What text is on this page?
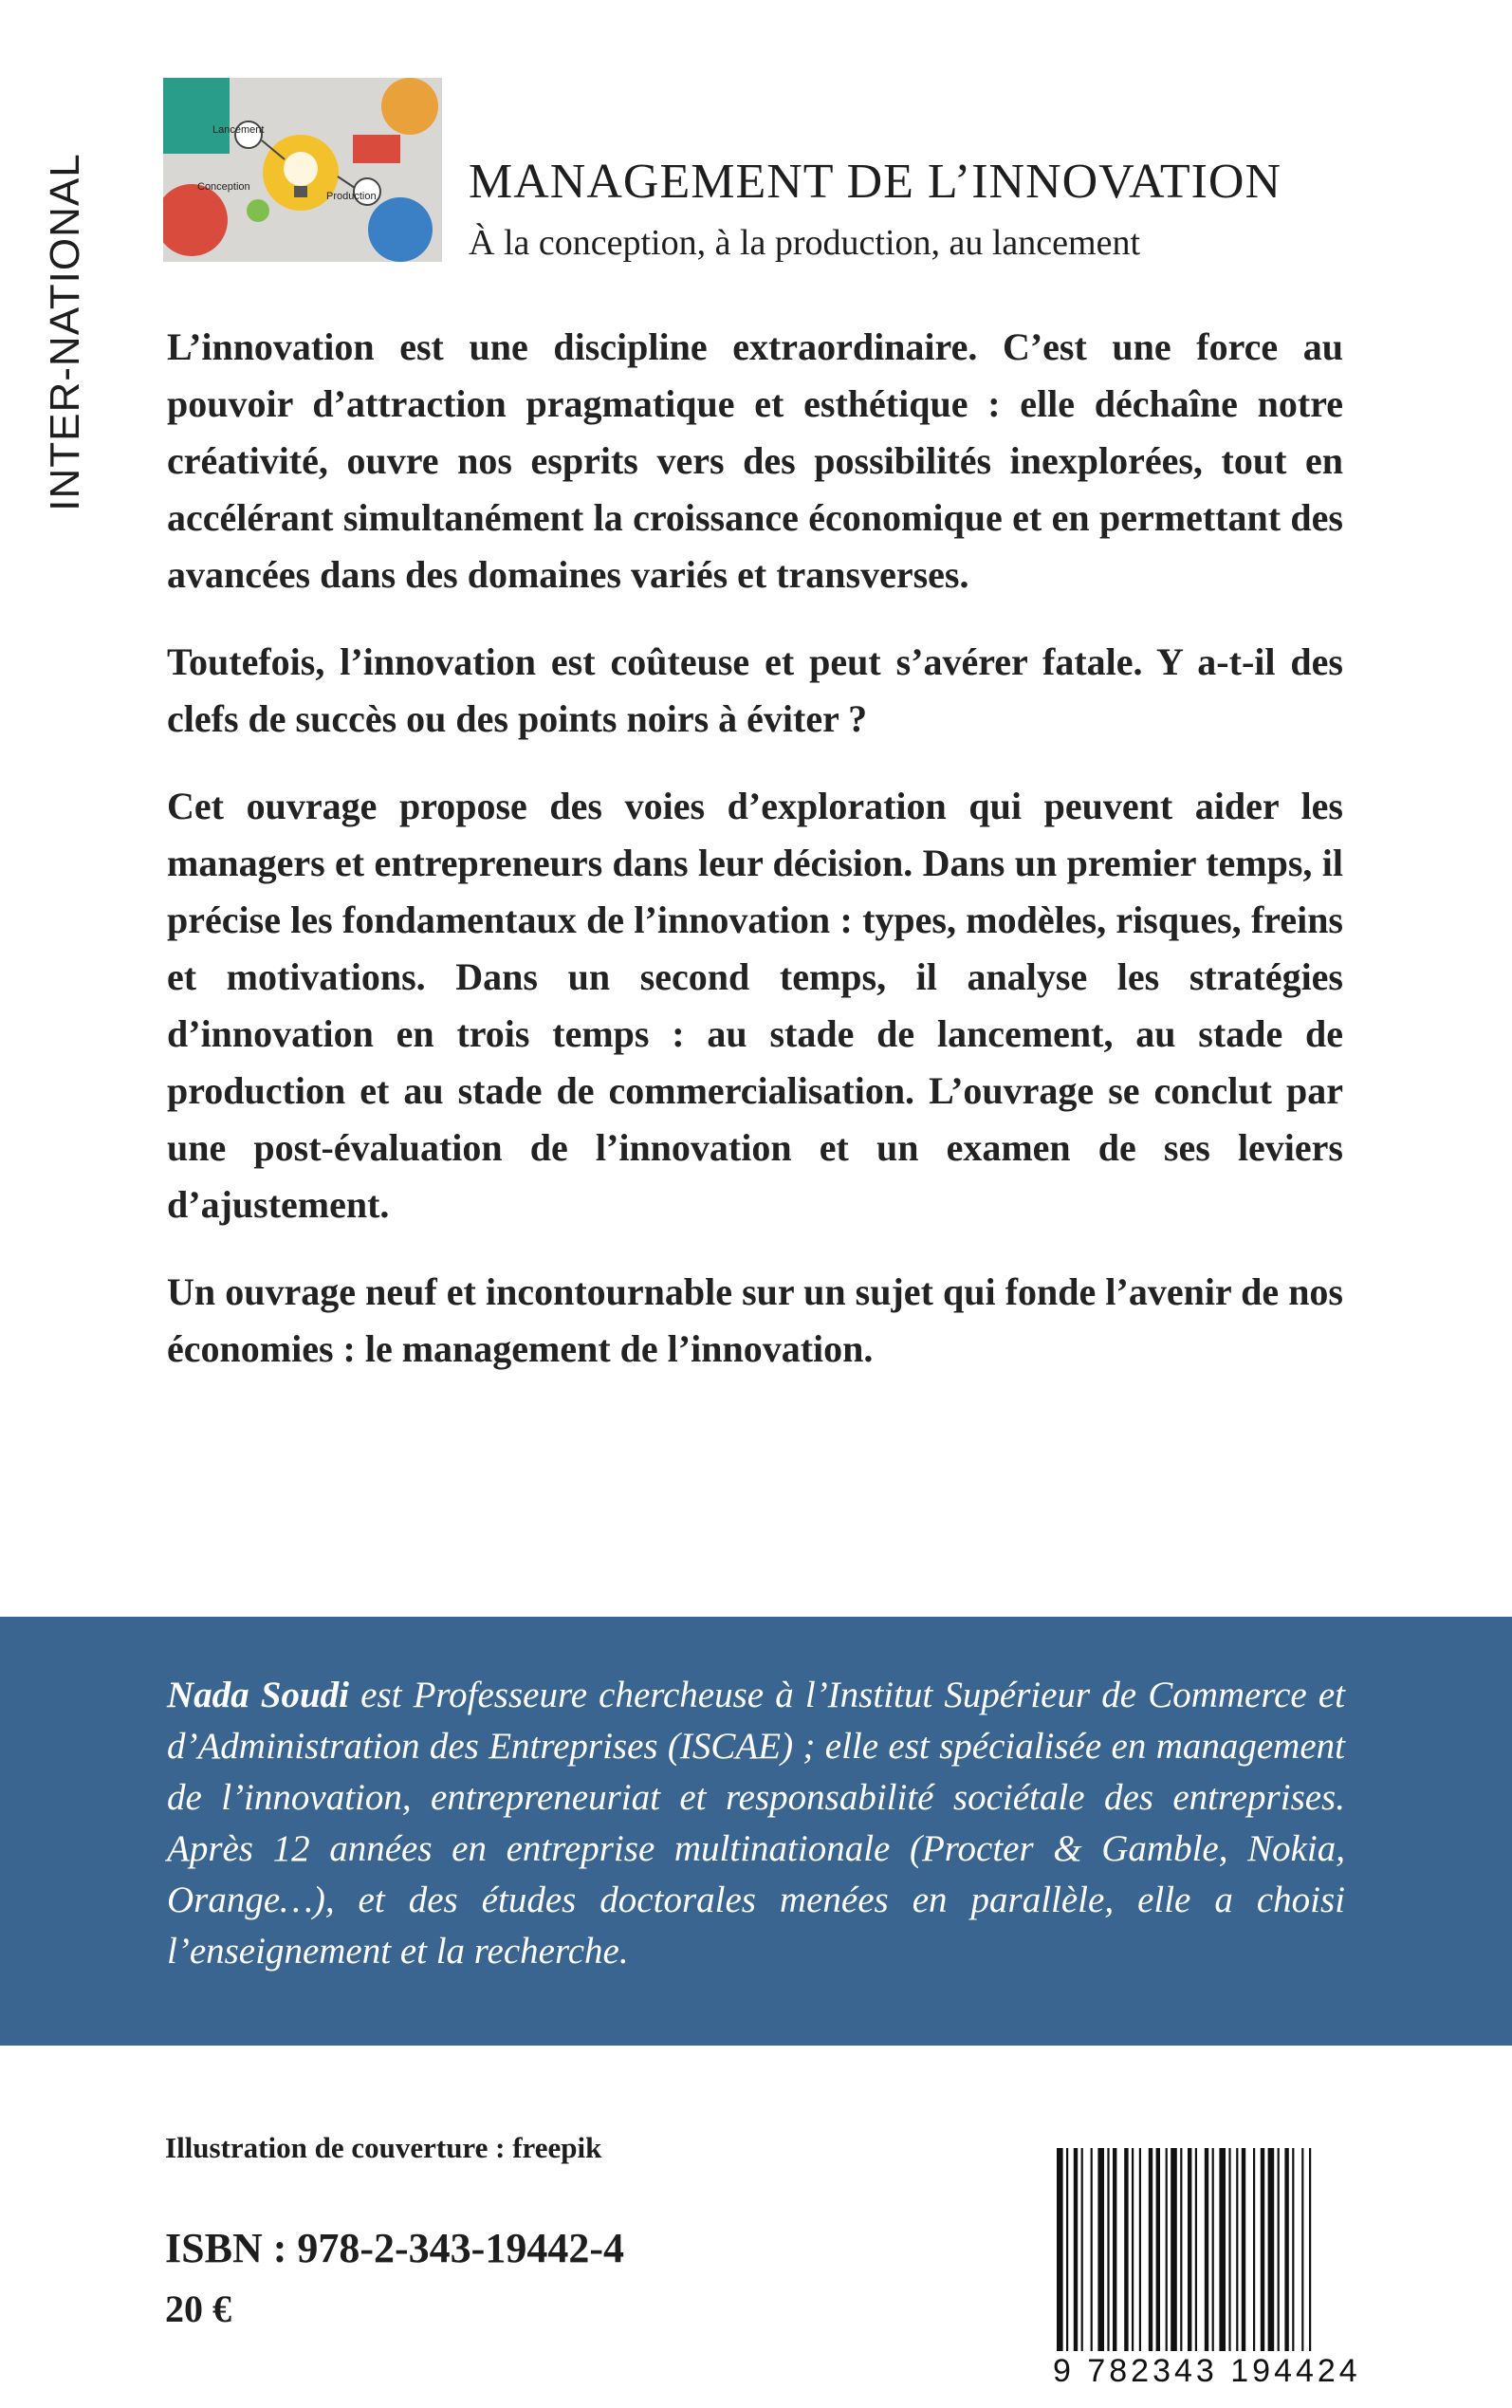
INTER-NATIONAL
Lancement
Conception
Production MANAGEMENT DE L’INNOVATION
À la conception, à la production, au lancement

L’innovation est une discipline extraordinaire. C’est une force au pouvoir d’attraction pragmatique et esthétique : elle déchaîne notre créativité, ouvre nos esprits vers des possibilités inexplorées, tout en accélérant simultanément la croissance économique et en permettant des avancées dans des domaines variés et transverses.

Toutefois, l’innovation est coûteuse et peut s’avérer fatale. Y a-t-il des clefs de succès ou des points noirs à éviter ?

Cet ouvrage propose des voies d’exploration qui peuvent aider les managers et entrepreneurs dans leur décision. Dans un premier temps, il précise les fondamentaux de l’innovation : types, modèles, risques, freins et motivations. Dans un second temps, il analyse les stratégies d’innovation en trois temps : au stade de lancement, au stade de production et au stade de commercialisation. L’ouvrage se conclut par une post-évaluation de l’innovation et un examen de ses leviers d’ajustement.

Un ouvrage neuf et incontournable sur un sujet qui fonde l’avenir de nos économies : le management de l’innovation.

Nada Soudi est Professeure chercheuse à l’Institut Supérieur de Commerce et d’Administration des Entreprises (ISCAE) ; elle est spécialisée en management de l’innovation, entrepreneuriat et responsabilité sociétale des entreprises. Après 12 années en entreprise multinationale (Procter & Gamble, Nokia, Orange…), et des études doctorales menées en parallèle, elle a choisi l’enseignement et la recherche.

Illustration de couverture : freepik
ISBN : 978-2-343-19442-4
20 €
9 782343 194424
